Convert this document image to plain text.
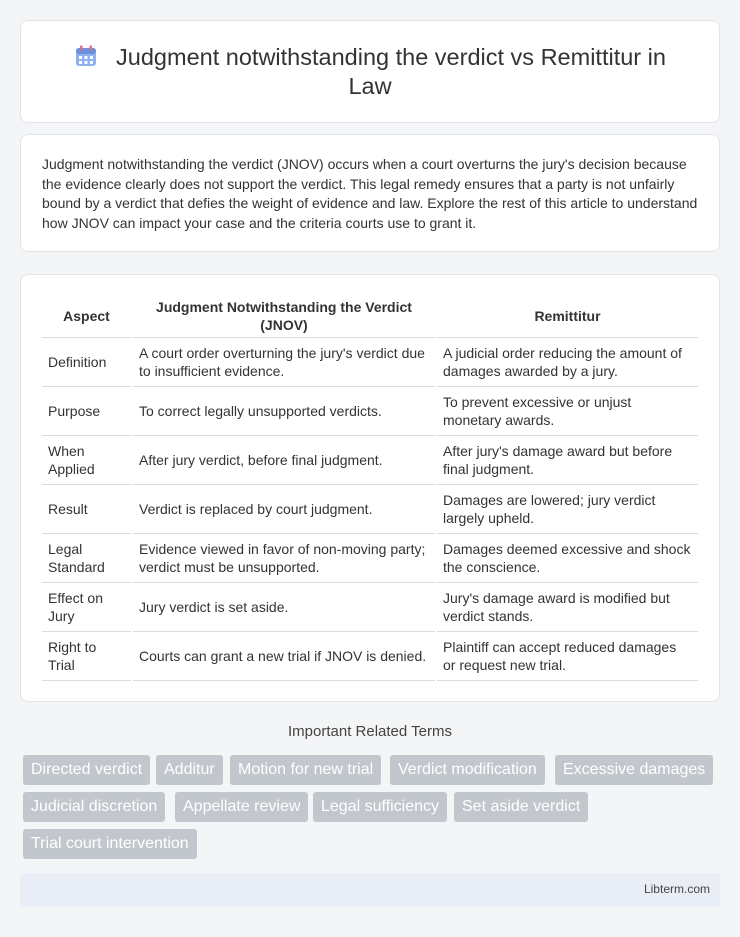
Judgment notwithstanding the verdict vs Remittitur in Law

Judgment notwithstanding the verdict (JNOV) occurs when a court overturns the jury's decision because the evidence clearly does not support the verdict. This legal remedy ensures that a party is not unfairly bound by a verdict that defies the weight of evidence and law. Explore the rest of this article to understand how JNOV can impact your case and the criteria courts use to grant it.

Aspect	Judgment Notwithstanding the Verdict (JNOV)	Remittitur
Definition	A court order overturning the jury's verdict due to insufficient evidence.	A judicial order reducing the amount of damages awarded by a jury.
Purpose	To correct legally unsupported verdicts.	To prevent excessive or unjust monetary awards.
When Applied	After jury verdict, before final judgment.	After jury's damage award but before final judgment.
Result	Verdict is replaced by court judgment.	Damages are lowered; jury verdict largely upheld.
Legal Standard	Evidence viewed in favor of non-moving party; verdict must be unsupported.	Damages deemed excessive and shock the conscience.
Effect on Jury	Jury verdict is set aside.	Jury's damage award is modified but verdict stands.
Right to Trial	Courts can grant a new trial if JNOV is denied.	Plaintiff can accept reduced damages or request new trial.
Important Related Terms
Directed verdict	Additur	Motion for new trial	Verdict modification	Excessive damages
Judicial discretion	Appellate review	Legal sufficiency	Set aside verdict
Trial court intervention
Libterm.com
